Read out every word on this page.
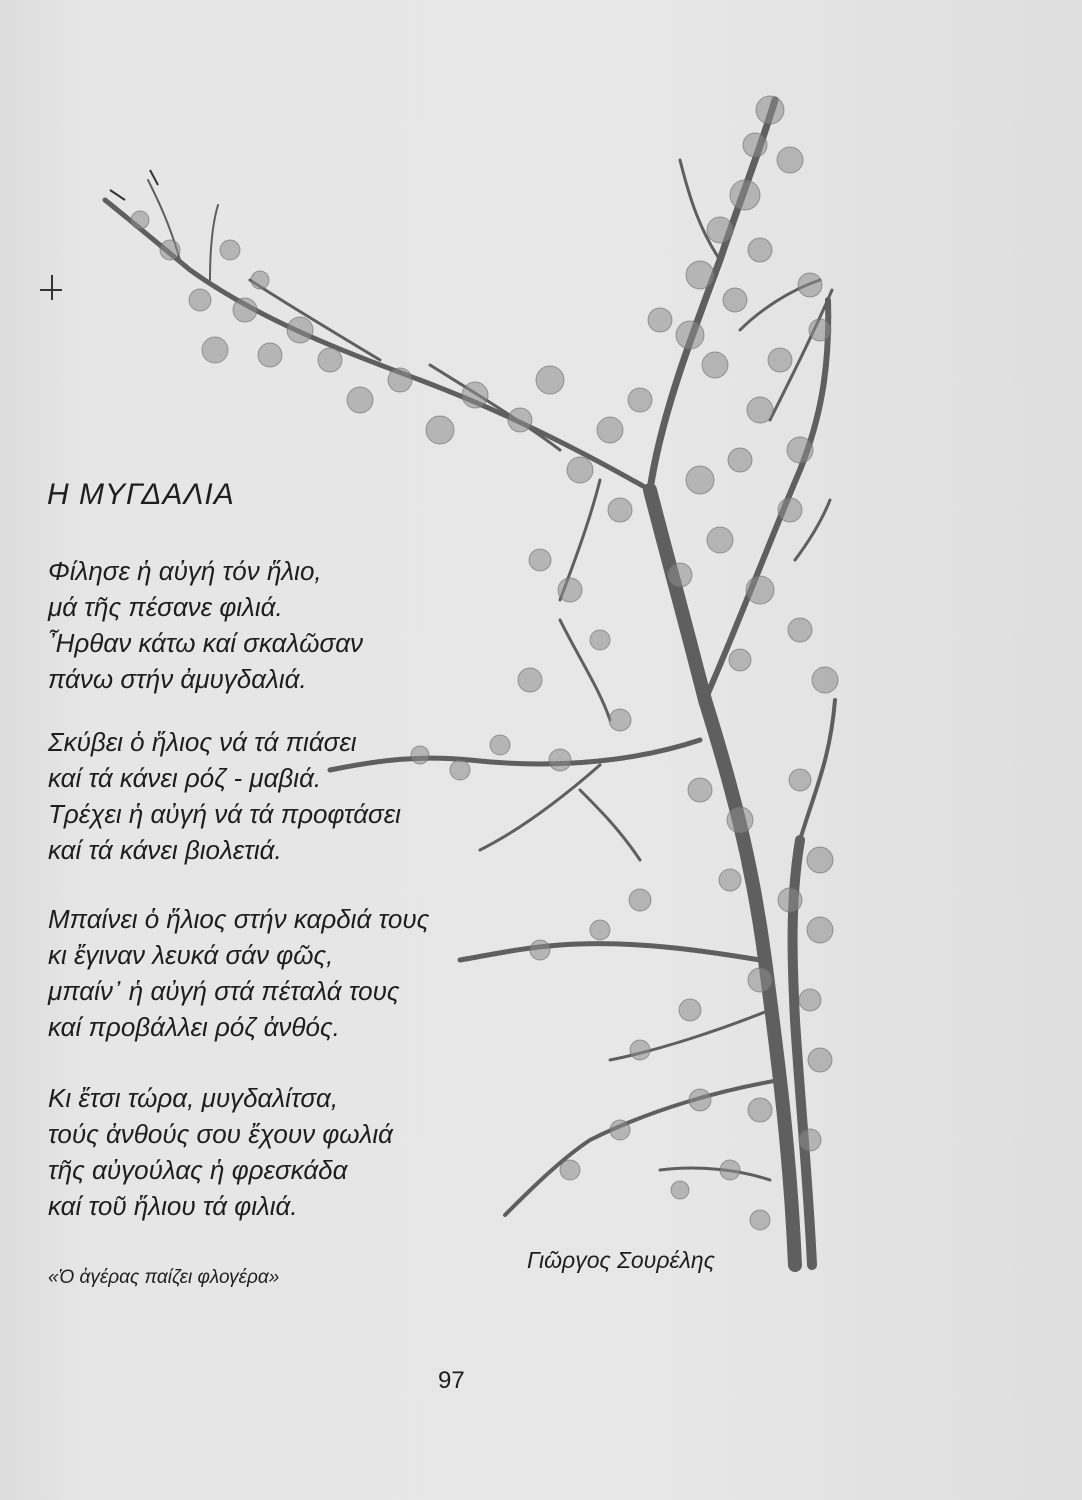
Η ΜΥΓΔΑΛΙΑ
Φίλησε ἡ αὐγή τόν ἥλιο,
μά τῆς πέσανε φιλιά.
Ἦρθαν κάτω καί σκαλῶσαν
πάνω στήν ἀμυγδαλιά.
Σκύβει ὁ ἥλιος νά τά πιάσει
καί τά κάνει ρόζ - μαβιά.
Τρέχει ἡ αὐγή νά τά προφτάσει
καί τά κάνει βιολετιά.
Μπαίνει ὁ ἥλιος στήν καρδιά τους
κι ἔγιναν λευκά σάν φῶς,
μπαίν᾿ ἡ αὐγή στά πέταλά τους
καί προβάλλει ρόζ ἀνθός.
Κι ἔτσι τώρα, μυγδαλίτσα,
τούς ἀνθούς σου ἔχουν φωλιά
τῆς αὐγούλας ἡ φρεσκάδα
καί τοῦ ἥλιου τά φιλιά.
Γιῶργος Σουρέλης
«Ὁ ἀγέρας παίζει φλογέρα»
97
